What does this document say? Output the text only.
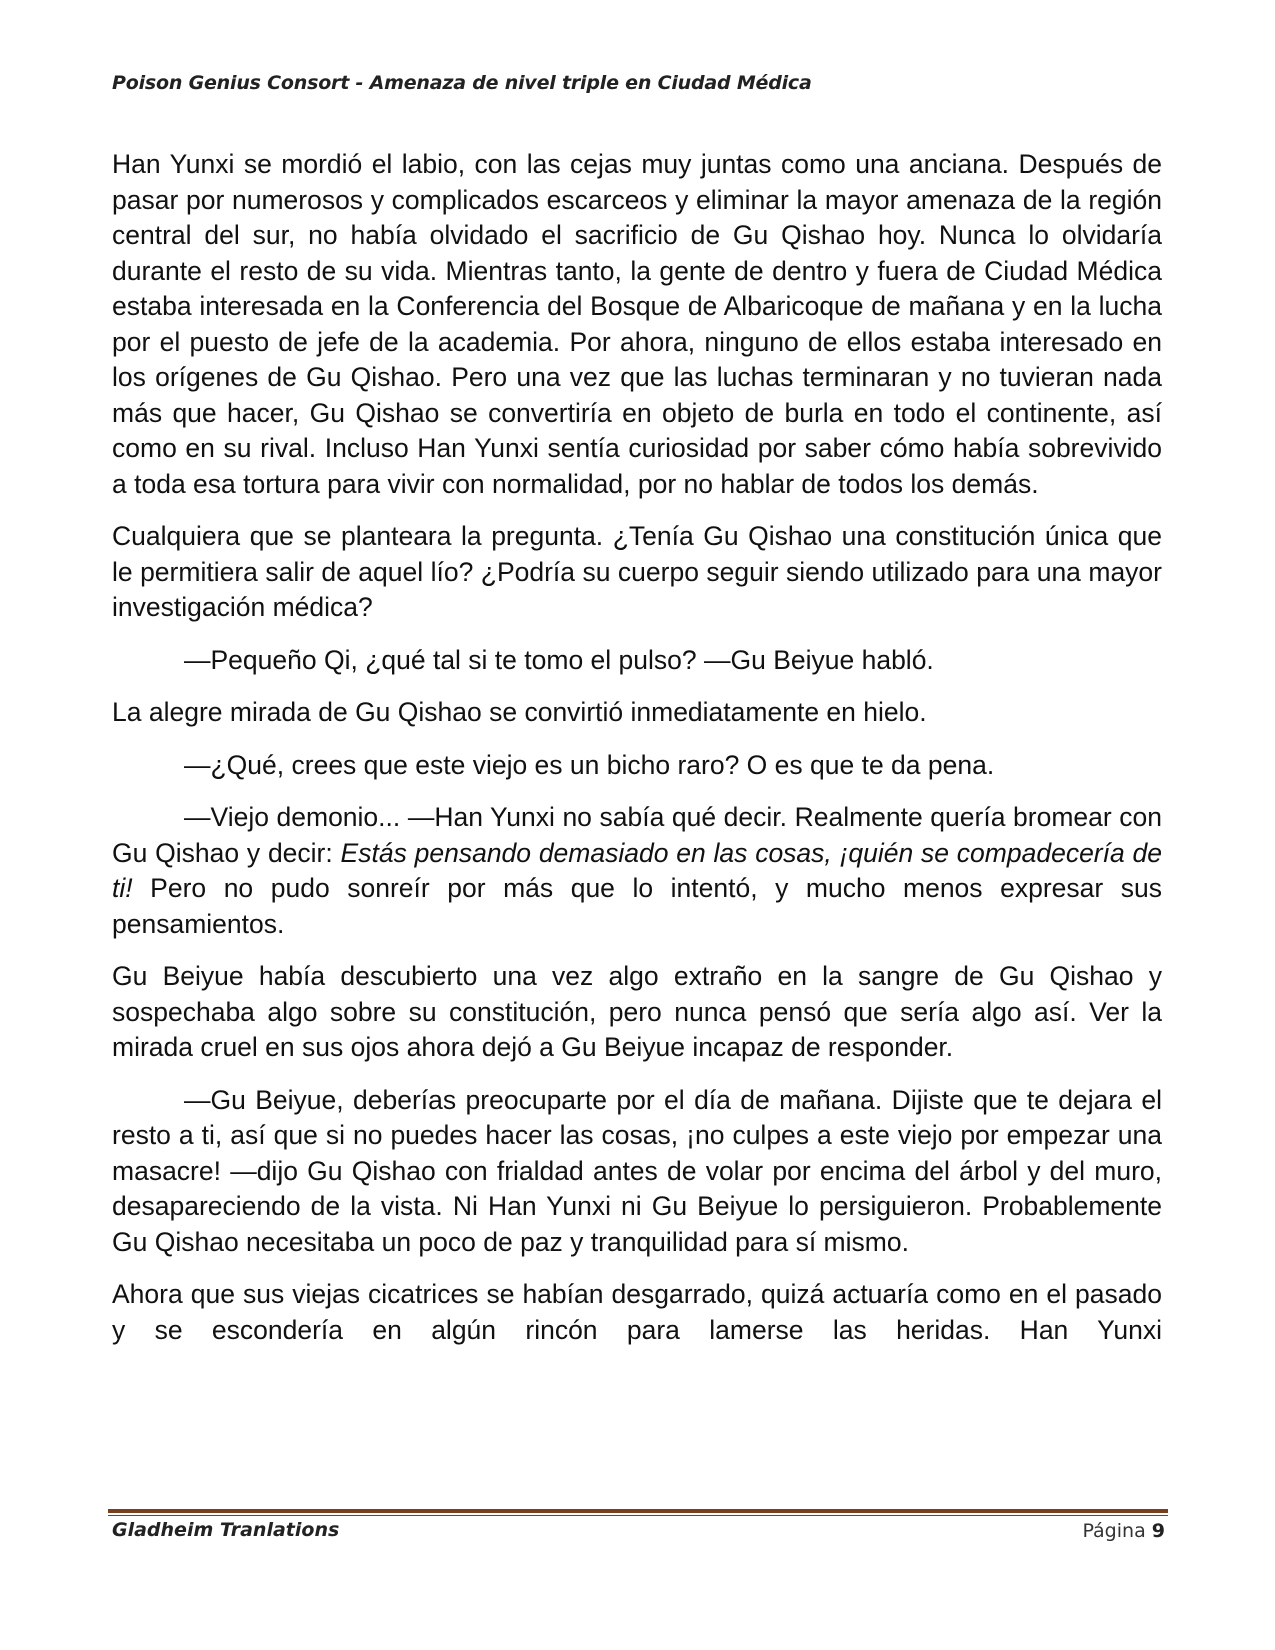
Poison Genius Consort - Amenaza de nivel triple en Ciudad Médica

Han Yunxi se mordió el labio, con las cejas muy juntas como una anciana. Después de pasar por numerosos y complicados escarceos y eliminar la mayor amenaza de la región central del sur, no había olvidado el sacrificio de Gu Qishao hoy. Nunca lo olvidaría durante el resto de su vida. Mientras tanto, la gente de dentro y fuera de Ciudad Médica estaba interesada en la Conferencia del Bosque de Albaricoque de mañana y en la lucha por el puesto de jefe de la academia. Por ahora, ninguno de ellos estaba interesado en los orígenes de Gu Qishao. Pero una vez que las luchas terminaran y no tuvieran nada más que hacer, Gu Qishao se convertiría en objeto de burla en todo el continente, así como en su rival. Incluso Han Yunxi sentía curiosidad por saber cómo había sobrevivido a toda esa tortura para vivir con normalidad, por no hablar de todos los demás.

Cualquiera que se planteara la pregunta. ¿Tenía Gu Qishao una constitución única que le permitiera salir de aquel lío? ¿Podría su cuerpo seguir siendo utilizado para una mayor investigación médica?

—Pequeño Qi, ¿qué tal si te tomo el pulso? —Gu Beiyue habló.

La alegre mirada de Gu Qishao se convirtió inmediatamente en hielo.

—¿Qué, crees que este viejo es un bicho raro? O es que te da pena.

—Viejo demonio... —Han Yunxi no sabía qué decir. Realmente quería bromear con Gu Qishao y decir: Estás pensando demasiado en las cosas, ¡quién se compadecería de ti! Pero no pudo sonreír por más que lo intentó, y mucho menos expresar sus pensamientos.

Gu Beiyue había descubierto una vez algo extraño en la sangre de Gu Qishao y sospechaba algo sobre su constitución, pero nunca pensó que sería algo así. Ver la mirada cruel en sus ojos ahora dejó a Gu Beiyue incapaz de responder.

—Gu Beiyue, deberías preocuparte por el día de mañana. Dijiste que te dejara el resto a ti, así que si no puedes hacer las cosas, ¡no culpes a este viejo por empezar una masacre! —dijo Gu Qishao con frialdad antes de volar por encima del árbol y del muro, desapareciendo de la vista. Ni Han Yunxi ni Gu Beiyue lo persiguieron. Probablemente Gu Qishao necesitaba un poco de paz y tranquilidad para sí mismo.

Ahora que sus viejas cicatrices se habían desgarrado, quizá actuaría como en el pasado y se escondería en algún rincón para lamerse las heridas. Han Yunxi

Gladheim Tranlations	Página 9
